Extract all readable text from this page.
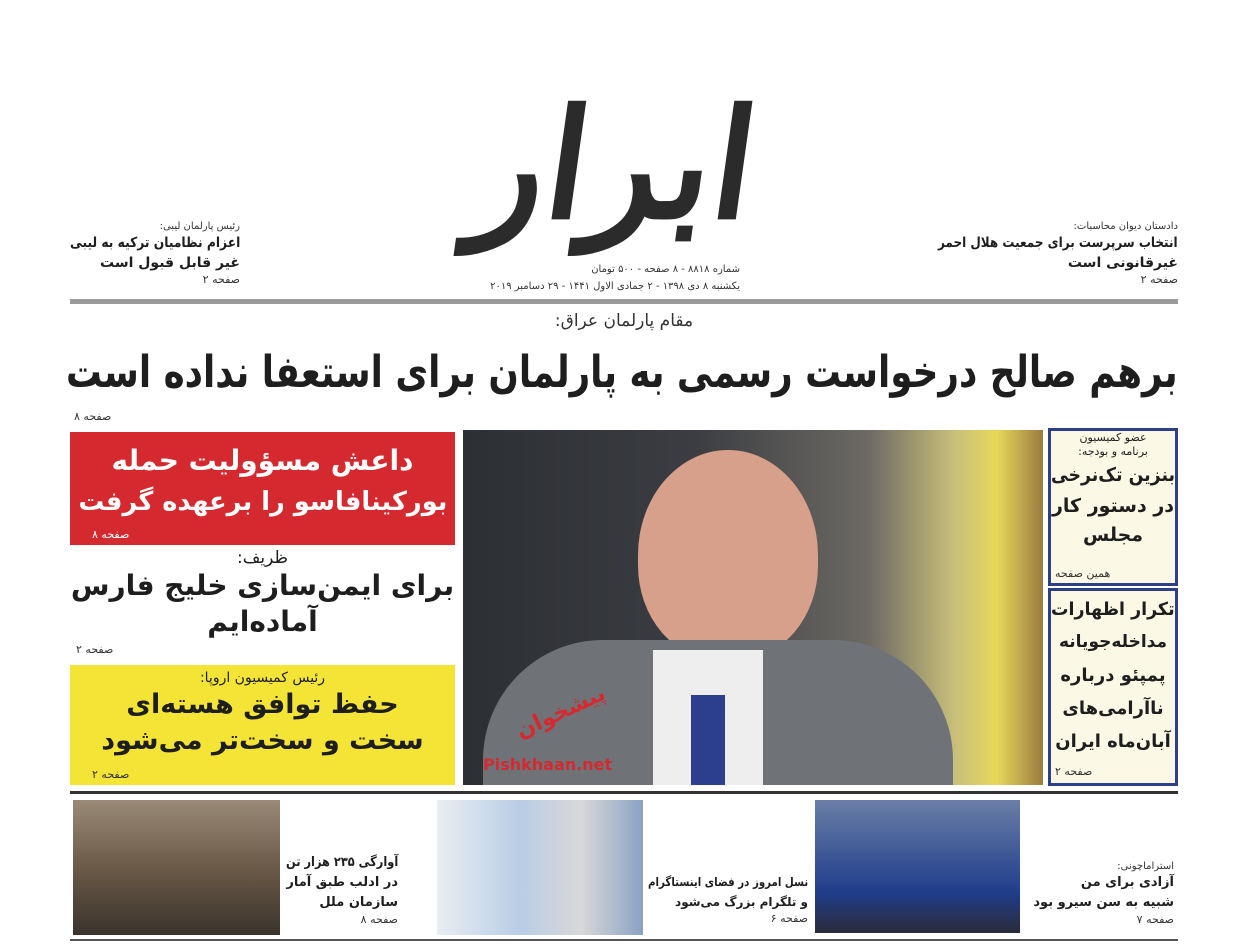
ابرار
شماره ۸۸۱۸ - ۸ صفحه - ۵۰۰ تومان
یکشنبه ۸ دی ۱۳۹۸ - ۲ جمادی الاول ۱۴۴۱ - ۲۹ دسامبر ۲۰۱۹
دادستان دیوان محاسبات:
انتخاب سرپرست برای جمعیت هلال احمر
غیرقانونی است
صفحه ۲
رئیس پارلمان لیبی:
اعزام نظامیان ترکیه به لیبی
غیر قابل قبول است
صفحه ۲
مقام پارلمان عراق:
برهم صالح درخواست رسمی به پارلمان برای استعفا نداده است
صفحه ۸
داعش مسؤولیت حمله
بورکینافاسو را برعهده گرفت
صفحه ۸
ظریف:
برای ایمن‌سازی خلیج فارس
آماده‌ایم
صفحه ۲
رئیس کمیسیون اروپا:
حفظ توافق هسته‌ای
سخت و سخت‌تر می‌شود
صفحه ۲
پیشخوان
Pishkhaan.net
عضو کمیسیون
برنامه و بودجه:
بنزین تک‌نرخی
در دستور کار
مجلس
همین صفحه
تکرار اظهارات
مداخله‌جویانه
پمپئو درباره
ناآرامی‌های
آبان‌ماه ایران
صفحه ۲
استراماچونی:
آزادی برای من
شبیه به سن سیرو بود
صفحه ۷
نسل امروز در فضای اینستاگرام
و تلگرام بزرگ می‌شود
صفحه ۶
آوارگی ۲۳۵ هزار تن
در ادلب طبق آمار
سازمان ملل
صفحه ۸
